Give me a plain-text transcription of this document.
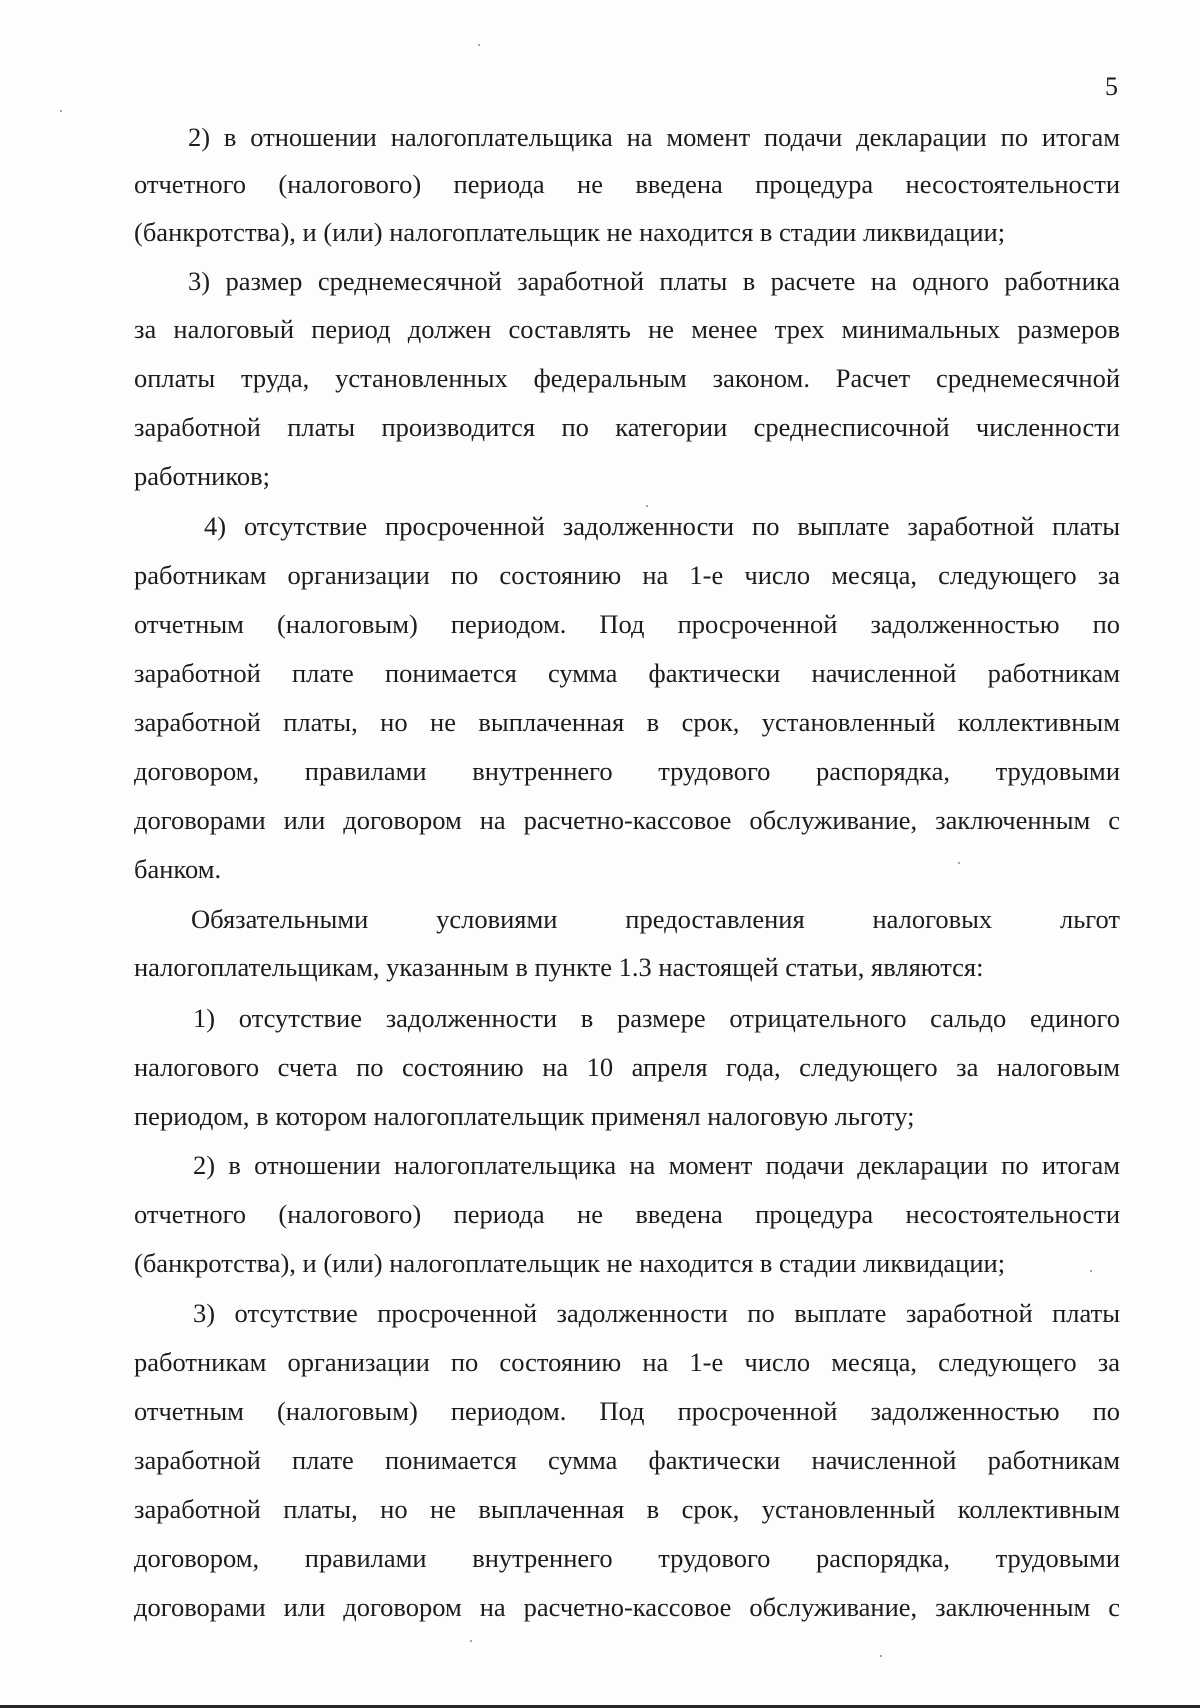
5
2) в отношении налогоплательщика на момент подачи декларации по итогам
отчетного (налогового) периода не введена процедура несостоятельности
(банкротства), и (или) налогоплательщик не находится в стадии ликвидации;
3) размер среднемесячной заработной платы в расчете на одного работника
за налоговый период должен составлять не менее трех минимальных размеров
оплаты труда, установленных федеральным законом. Расчет среднемесячной
заработной платы производится по категории среднесписочной численности
работников;
4) отсутствие просроченной задолженности по выплате заработной платы
работникам организации по состоянию на 1-е число месяца, следующего за
отчетным (налоговым) периодом. Под просроченной задолженностью по
заработной плате понимается сумма фактически начисленной работникам
заработной платы, но не выплаченная в срок, установленный коллективным
договором, правилами внутреннего трудового распорядка, трудовыми
договорами или договором на расчетно-кассовое обслуживание, заключенным с
банком.
Обязательными условиями предоставления налоговых льгот
налогоплательщикам, указанным в пункте 1.3 настоящей статьи, являются:
1) отсутствие задолженности в размере отрицательного сальдо единого
налогового счета по состоянию на 10 апреля года, следующего за налоговым
периодом, в котором налогоплательщик применял налоговую льготу;
2) в отношении налогоплательщика на момент подачи декларации по итогам
отчетного (налогового) периода не введена процедура несостоятельности
(банкротства), и (или) налогоплательщик не находится в стадии ликвидации;
3) отсутствие просроченной задолженности по выплате заработной платы
работникам организации по состоянию на 1-е число месяца, следующего за
отчетным (налоговым) периодом. Под просроченной задолженностью по
заработной плате понимается сумма фактически начисленной работникам
заработной платы, но не выплаченная в срок, установленный коллективным
договором, правилами внутреннего трудового распорядка, трудовыми
договорами или договором на расчетно-кассовое обслуживание, заключенным с
